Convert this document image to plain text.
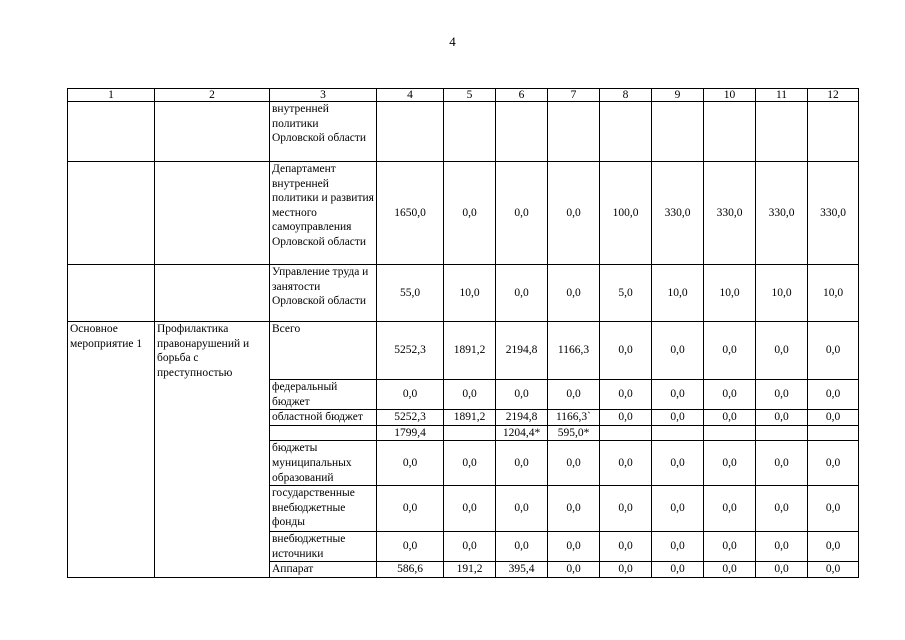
4
1	2	3	4	5	6	7	8	9	10	11	12
		внутренней политики Орловской области									
		Департамент внутренней политики и развития местного самоуправления Орловской области	1650,0	0,0	0,0	0,0	100,0	330,0	330,0	330,0	330,0
		Управление труда и занятости Орловской области	55,0	10,0	0,0	0,0	5,0	10,0	10,0	10,0	10,0
Основное мероприятие 1	Профилактика правонарушений и борьба с преступностью	Всего	5252,3	1891,2	2194,8	1166,3	0,0	0,0	0,0	0,0	0,0
		федеральный бюджет	0,0	0,0	0,0	0,0	0,0	0,0	0,0	0,0	0,0
		областной бюджет	5252,3	1891,2	2194,8	1166,3`	0,0	0,0	0,0	0,0	0,0
			1799,4		1204,4*	595,0*					
		бюджеты муниципальных образований	0,0	0,0	0,0	0,0	0,0	0,0	0,0	0,0	0,0
		государственные внебюджетные фонды	0,0	0,0	0,0	0,0	0,0	0,0	0,0	0,0	0,0
		внебюджетные источники	0,0	0,0	0,0	0,0	0,0	0,0	0,0	0,0	0,0
		Аппарат	586,6	191,2	395,4	0,0	0,0	0,0	0,0	0,0	0,0
